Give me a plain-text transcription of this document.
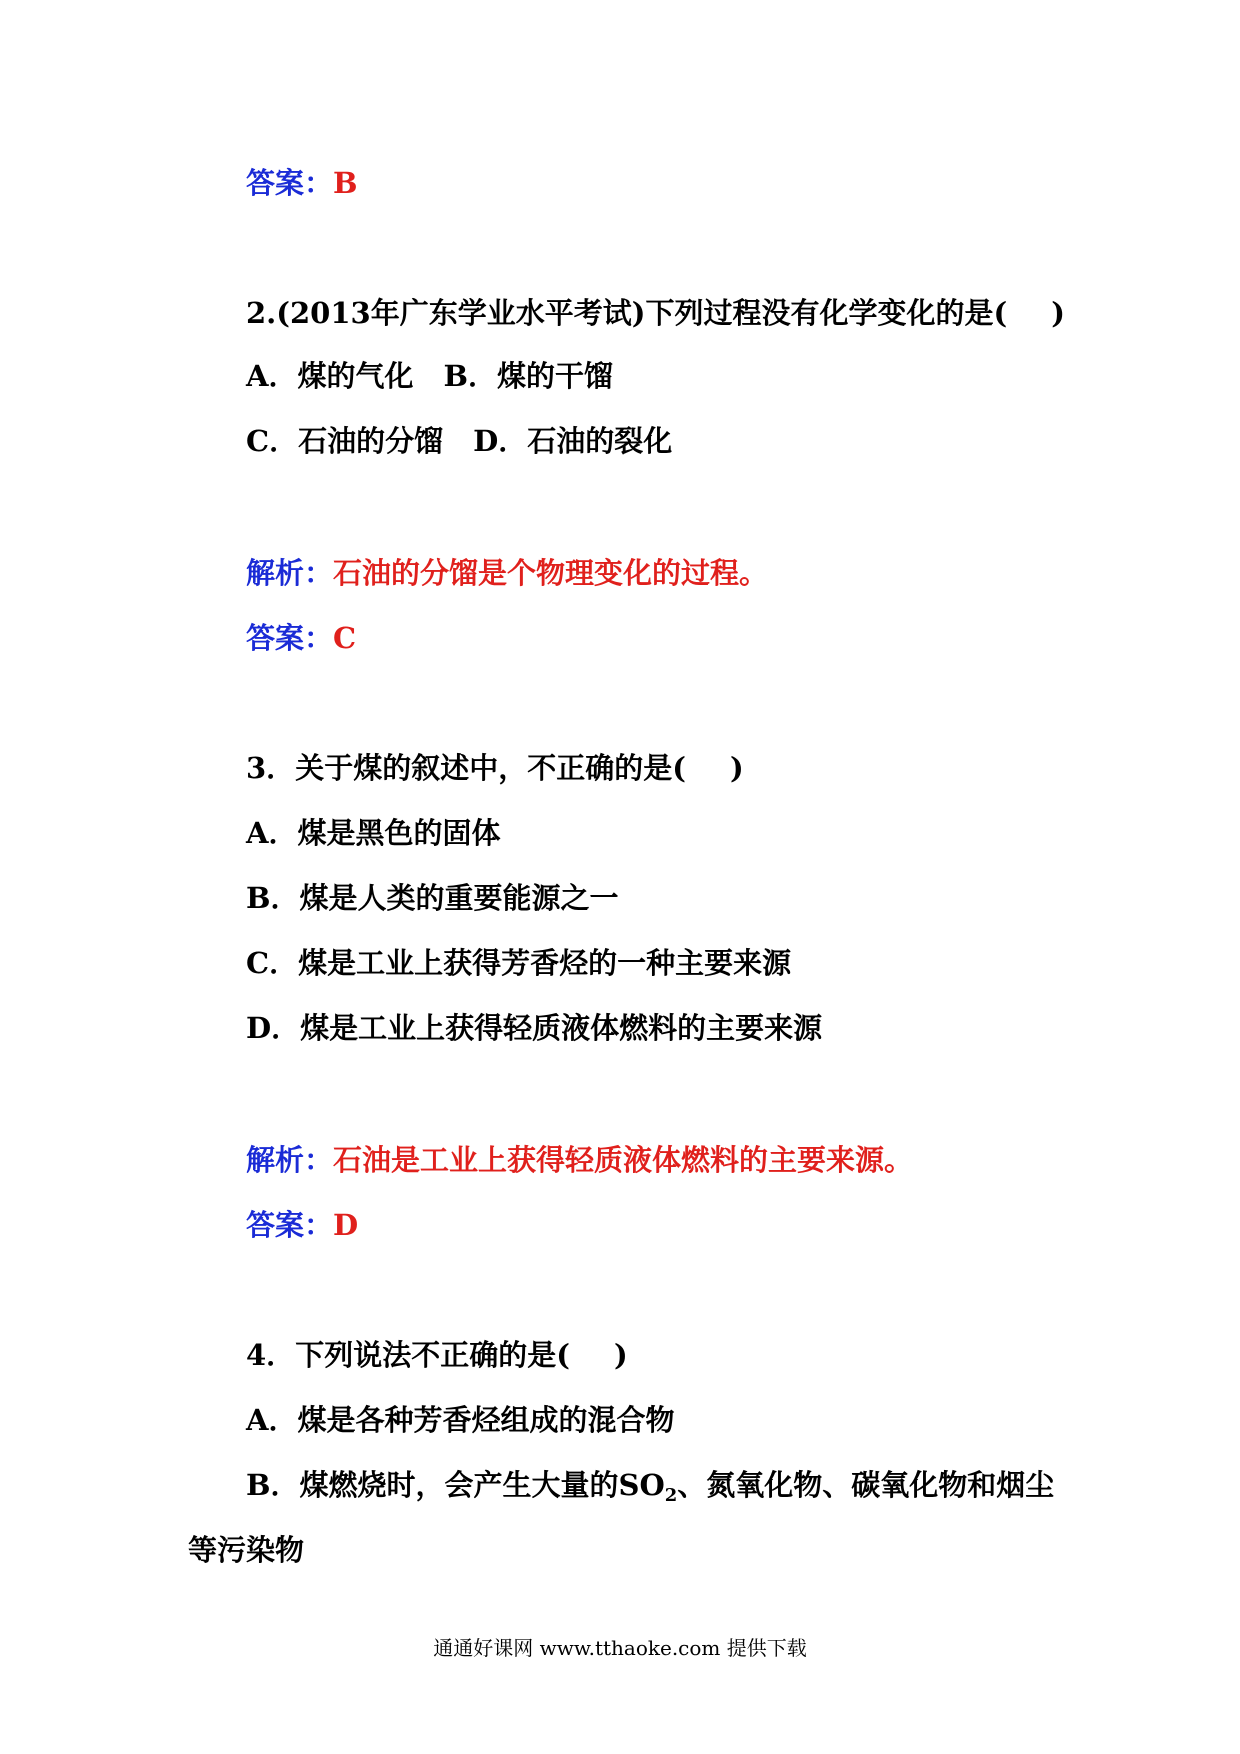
答案：B
2.(2013年广东学业水平考试)下列过程没有化学变化的是( )
A．煤的气化 B．煤的干馏
C．石油的分馏 D．石油的裂化
解析：石油的分馏是个物理变化的过程。
答案：C
3．关于煤的叙述中，不正确的是( )
A．煤是黑色的固体
B．煤是人类的重要能源之一
C．煤是工业上获得芳香烃的一种主要来源
D．煤是工业上获得轻质液体燃料的主要来源
解析：石油是工业上获得轻质液体燃料的主要来源。
答案：D
4．下列说法不正确的是( )
A．煤是各种芳香烃组成的混合物
B．煤燃烧时，会产生大量的$SO_2$、氮氧化物、碳氧化物和烟尘
等污染物
通通好课网 www.tthaoke.com 提供下载
